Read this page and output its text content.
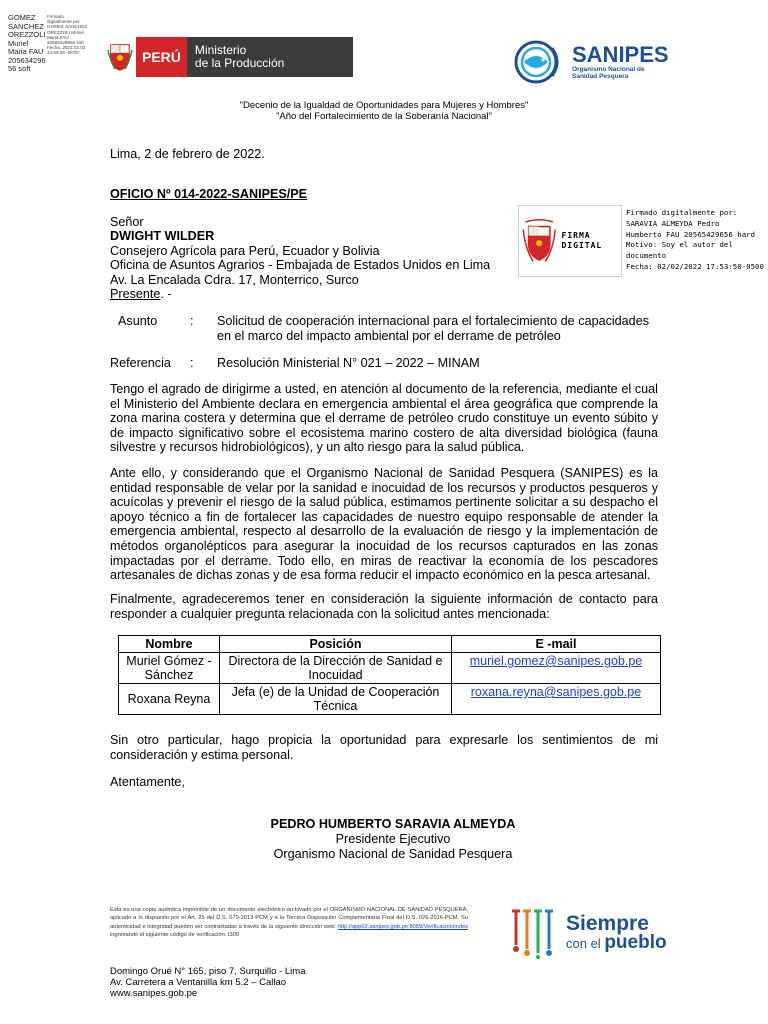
GOMEZ
SANCHEZ
OREZZOLI
Muriel
Maria FAU
205634296
56 soft
Firmado
digitalmente por
GOMEZ SANCHEZ
OREZZOLI Muriel
Maria FAU
20565429656 soft
Fecha: 2022.02.02
14:59:38 -05'00'	PERÚ	Ministerio
de la Producción	SANIPES
Organismo Nacional de
Sanidad Pesquera
"Decenio de la Igualdad de Oportunidades para Mujeres y Hombres"
"Año del Fortalecimiento de la Soberanía Nacional"
Lima, 2 de febrero de 2022.
OFICIO Nº 014-2022-SANIPES/PE
Señor
DWIGHT WILDER
Consejero Agrícola para Perú, Ecuador y Bolivia
Oficina de Asuntos Agrarios - Embajada de Estados Unidos en Lima
Av. La Encalada Cdra. 17, Monterrico, Surco
Presente. -
FIRMA DIGITAL
Firmado digitalmente por:
SARAVIA ALMEYDA Pedro
Humberto FAU 20565429656 hard
Motivo: Soy el autor del
documento
Fecha: 02/02/2022 17:53:50-0500
Asunto	: Solicitud de cooperación internacional para el fortalecimiento de capacidades en el marco del impacto ambiental por el derrame de petróleo
Referencia : Resolución Ministerial N° 021 – 2022 – MINAM
Tengo el agrado de dirigirme a usted, en atención al documento de la referencia, mediante el cual el Ministerio del Ambiente declara en emergencia ambiental el área geográfica que comprende la zona marina costera y determina que el derrame de petróleo crudo constituye un evento súbito y de impacto significativo sobre el ecosistema marino costero de alta diversidad biológica (fauna silvestre y recursos hidrobiológicos), y un alto riesgo para la salud pública.
Ante ello, y considerando que el Organismo Nacional de Sanidad Pesquera (SANIPES) es la entidad responsable de velar por la sanidad e inocuidad de los recursos y productos pesqueros y acuícolas y prevenir el riesgo de la salud pública, estimamos pertinente solicitar a su despacho el apoyo técnico a fin de fortalecer las capacidades de nuestro equipo responsable de atender la emergencia ambiental, respecto al desarrollo de la evaluación de riesgo y la implementación de métodos organolépticos para asegurar la inocuidad de los recursos capturados en las zonas impactadas por el derrame. Todo ello, en miras de reactivar la economía de los pescadores artesanales de dichas zonas y de esa forma reducir el impacto económico en la pesca artesanal.
Finalmente, agradeceremos tener en consideración la siguiente información de contacto para responder a cualquier pregunta relacionada con la solicitud antes mencionada:
Nombre	Posición	E -mail
Muriel Gómez - Sánchez	Directora de la Dirección de Sanidad e Inocuidad	muriel.gomez@sanipes.gob.pe
Roxana Reyna	Jefa (e) de la Unidad de Cooperación Técnica	roxana.reyna@sanipes.gob.pe
Sin otro particular, hago propicia la oportunidad para expresarle los sentimientos de mi consideración y estima personal.
Atentamente,
PEDRO HUMBERTO SARAVIA ALMEYDA
Presidente Ejecutivo
Organismo Nacional de Sanidad Pesquera
Esta es una copia auténtica imprimible de un documento electrónico archivado por el ORGANISMO NACIONAL DE SANIDAD PESQUERA, aplicado a lo dispuesto por el Art. 25 del D.S. 070-2013-PCM y a la Tercera Disposición Complementaria Final del D.S. 026-2016-PCM. Su autenticidad e integridad pueden ser contrastadas a través de la siguiente dirección web: http://app02.sanipes.gob.pe:8089/Verificacion/index ingresando el siguiente código de verificación: t309
Siempre
con el pueblo
Domingo Orué N° 165, piso 7, Surquillo - Lima
Av. Carretera a Ventanilla km 5.2 – Callao
www.sanipes.gob.pe
